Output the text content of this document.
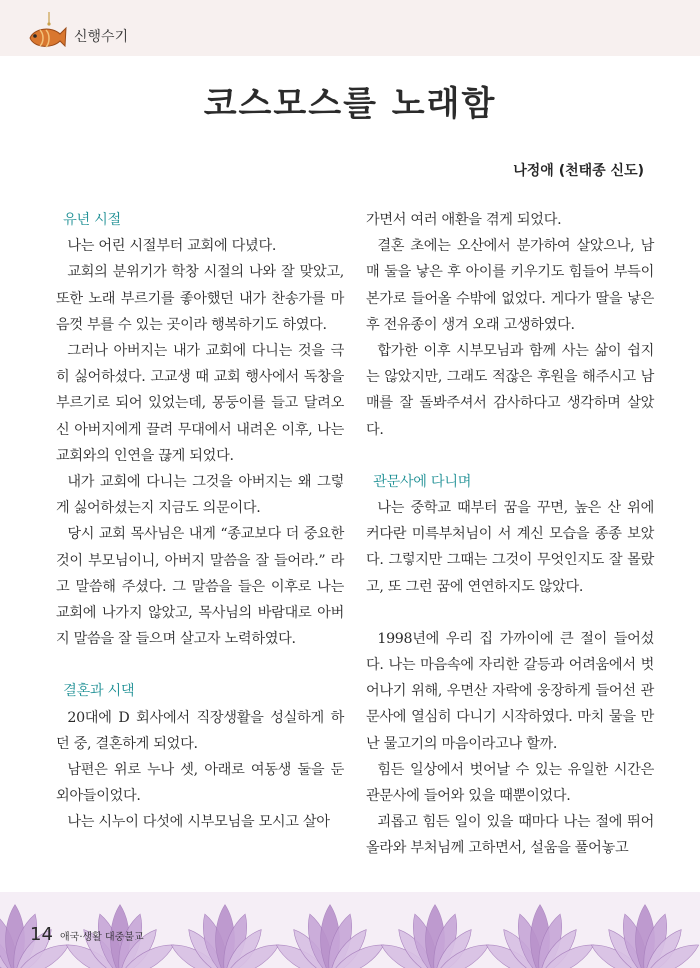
신행수기
코스모스를 노래함
나정애 (천태종 신도)
유년 시절

나는 어린 시절부터 교회에 다녔다.

교회의 분위기가 학창 시절의 나와 잘 맞았고, 또한 노래 부르기를 좋아했던 내가 찬송가를 마음껏 부를 수 있는 곳이라 행복하기도 하였다.

그러나 아버지는 내가 교회에 다니는 것을 극히 싫어하셨다. 고교생 때 교회 행사에서 독창을 부르기로 되어 있었는데, 몽둥이를 들고 달려오신 아버지에게 끌려 무대에서 내려온 이후, 나는 교회와의 인연을 끊게 되었다.

내가 교회에 다니는 그것을 아버지는 왜 그렇게 싫어하셨는지 지금도 의문이다.

당시 교회 목사님은 내게 “종교보다 더 중요한 것이 부모님이니, 아버지 말씀을 잘 들어라.” 라고 말씀해 주셨다. 그 말씀을 들은 이후로 나는 교회에 나가지 않았고, 목사님의 바람대로 아버지 말씀을 잘 들으며 살고자 노력하였다.

결혼과 시댁

20대에 D 회사에서 직장생활을 성실하게 하던 중, 결혼하게 되었다.

남편은 위로 누나 셋, 아래로 여동생 둘을 둔 외아들이었다.

나는 시누이 다섯에 시부모님을 모시고 살아

가면서 여러 애환을 겪게 되었다.

결혼 초에는 오산에서 분가하여 살았으나, 남매 둘을 낳은 후 아이를 키우기도 힘들어 부득이 본가로 들어올 수밖에 없었다. 게다가 딸을 낳은 후 전유종이 생겨 오래 고생하였다.

합가한 이후 시부모님과 함께 사는 삶이 쉽지는 않았지만, 그래도 적잖은 후원을 해주시고 남매를 잘 돌봐주셔서 감사하다고 생각하며 살았다.

관문사에 다니며

나는 중학교 때부터 꿈을 꾸면, 높은 산 위에 커다란 미륵부처님이 서 계신 모습을 종종 보았다. 그렇지만 그때는 그것이 무엇인지도 잘 몰랐고, 또 그런 꿈에 연연하지도 않았다.

1998년에 우리 집 가까이에 큰 절이 들어섰다. 나는 마음속에 자리한 갈등과 어려움에서 벗어나기 위해, 우면산 자락에 웅장하게 들어선 관문사에 열심히 다니기 시작하였다. 마치 물을 만난 물고기의 마음이라고나 할까.

힘든 일상에서 벗어날 수 있는 유일한 시간은 관문사에 들어와 있을 때뿐이었다.

괴롭고 힘든 일이 있을 때마다 나는 절에 뛰어 올라와 부처님께 고하면서, 설움을 풀어놓고

14 애국·생활 대중불교
